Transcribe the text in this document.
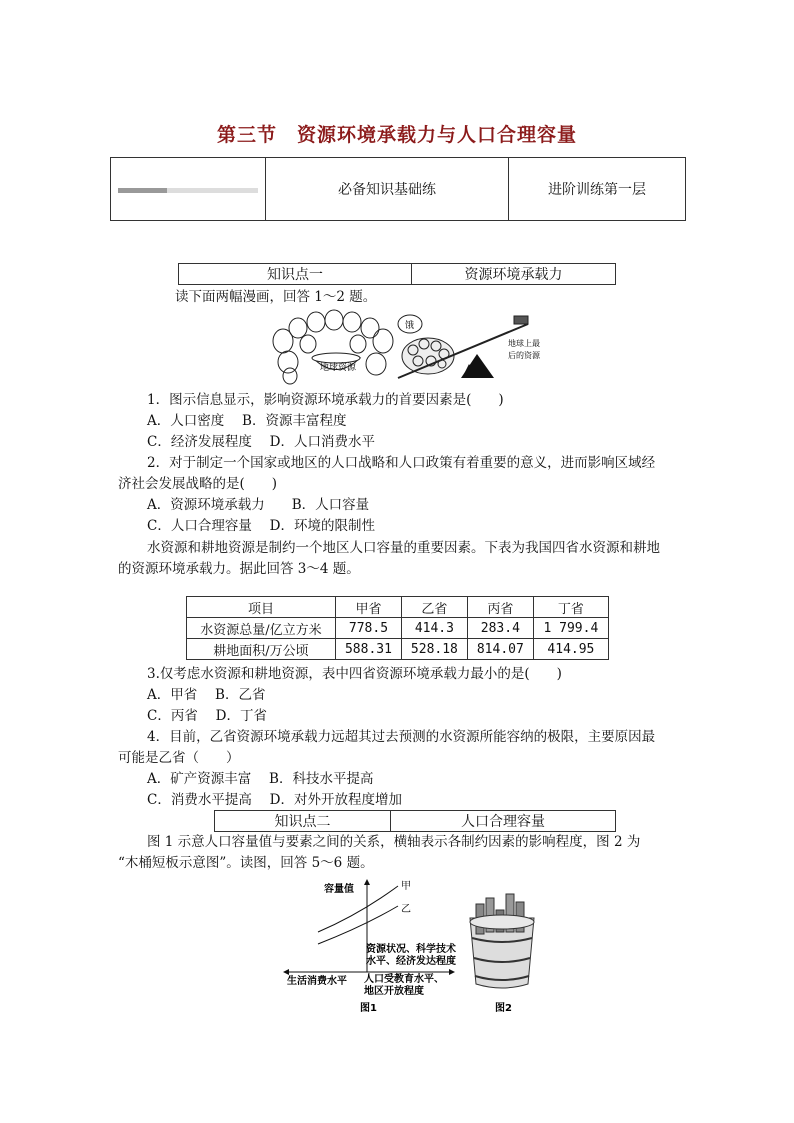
第三节　资源环境承载力与人口合理容量
	必备知识基础练	进阶训练第一层
知识点一	资源环境承载力
读下面两幅漫画，回答 1～2 题。
地球资源
饿
地球上最
后的资源
1．图示信息显示，影响资源环境承载力的首要因素是(　　)
A．人口密度　 B．资源丰富程度
C．经济发展程度　 D．人口消费水平
2．对于制定一个国家或地区的人口战略和人口政策有着重要的意义，进而影响区域经
济社会发展战略的是(　　)
A．资源环境承载力　　B．人口容量
C．人口合理容量　 D．环境的限制性
水资源和耕地资源是制约一个地区人口容量的重要因素。下表为我国四省水资源和耕地
的资源环境承载力。据此回答 3～4 题。
项目	甲省	乙省	丙省	丁省
水资源总量/亿立方米	778.5	414.3	283.4	1 799.4
耕地面积/万公顷	588.31	528.18	814.07	414.95
3.仅考虑水资源和耕地资源，表中四省资源环境承载力最小的是(　　)
A．甲省　 B．乙省
C．丙省　 D．丁省
4．目前，乙省资源环境承载力远超其过去预测的水资源所能容纳的极限，主要原因最
可能是乙省（　　）
A．矿产资源丰富　 B．科技水平提高
C．消费水平提高　 D．对外开放程度增加
知识点二	人口合理容量
图 1 示意人口容量值与要素之间的关系，横轴表示各制约因素的影响程度，图 2 为
“木桶短板示意图”。读图，回答 5～6 题。
容量值	甲
乙
资源状况、科学技术
水平、经济发达程度
生活消费水平 人口受教育水平、
地区开放程度
图1	图2
